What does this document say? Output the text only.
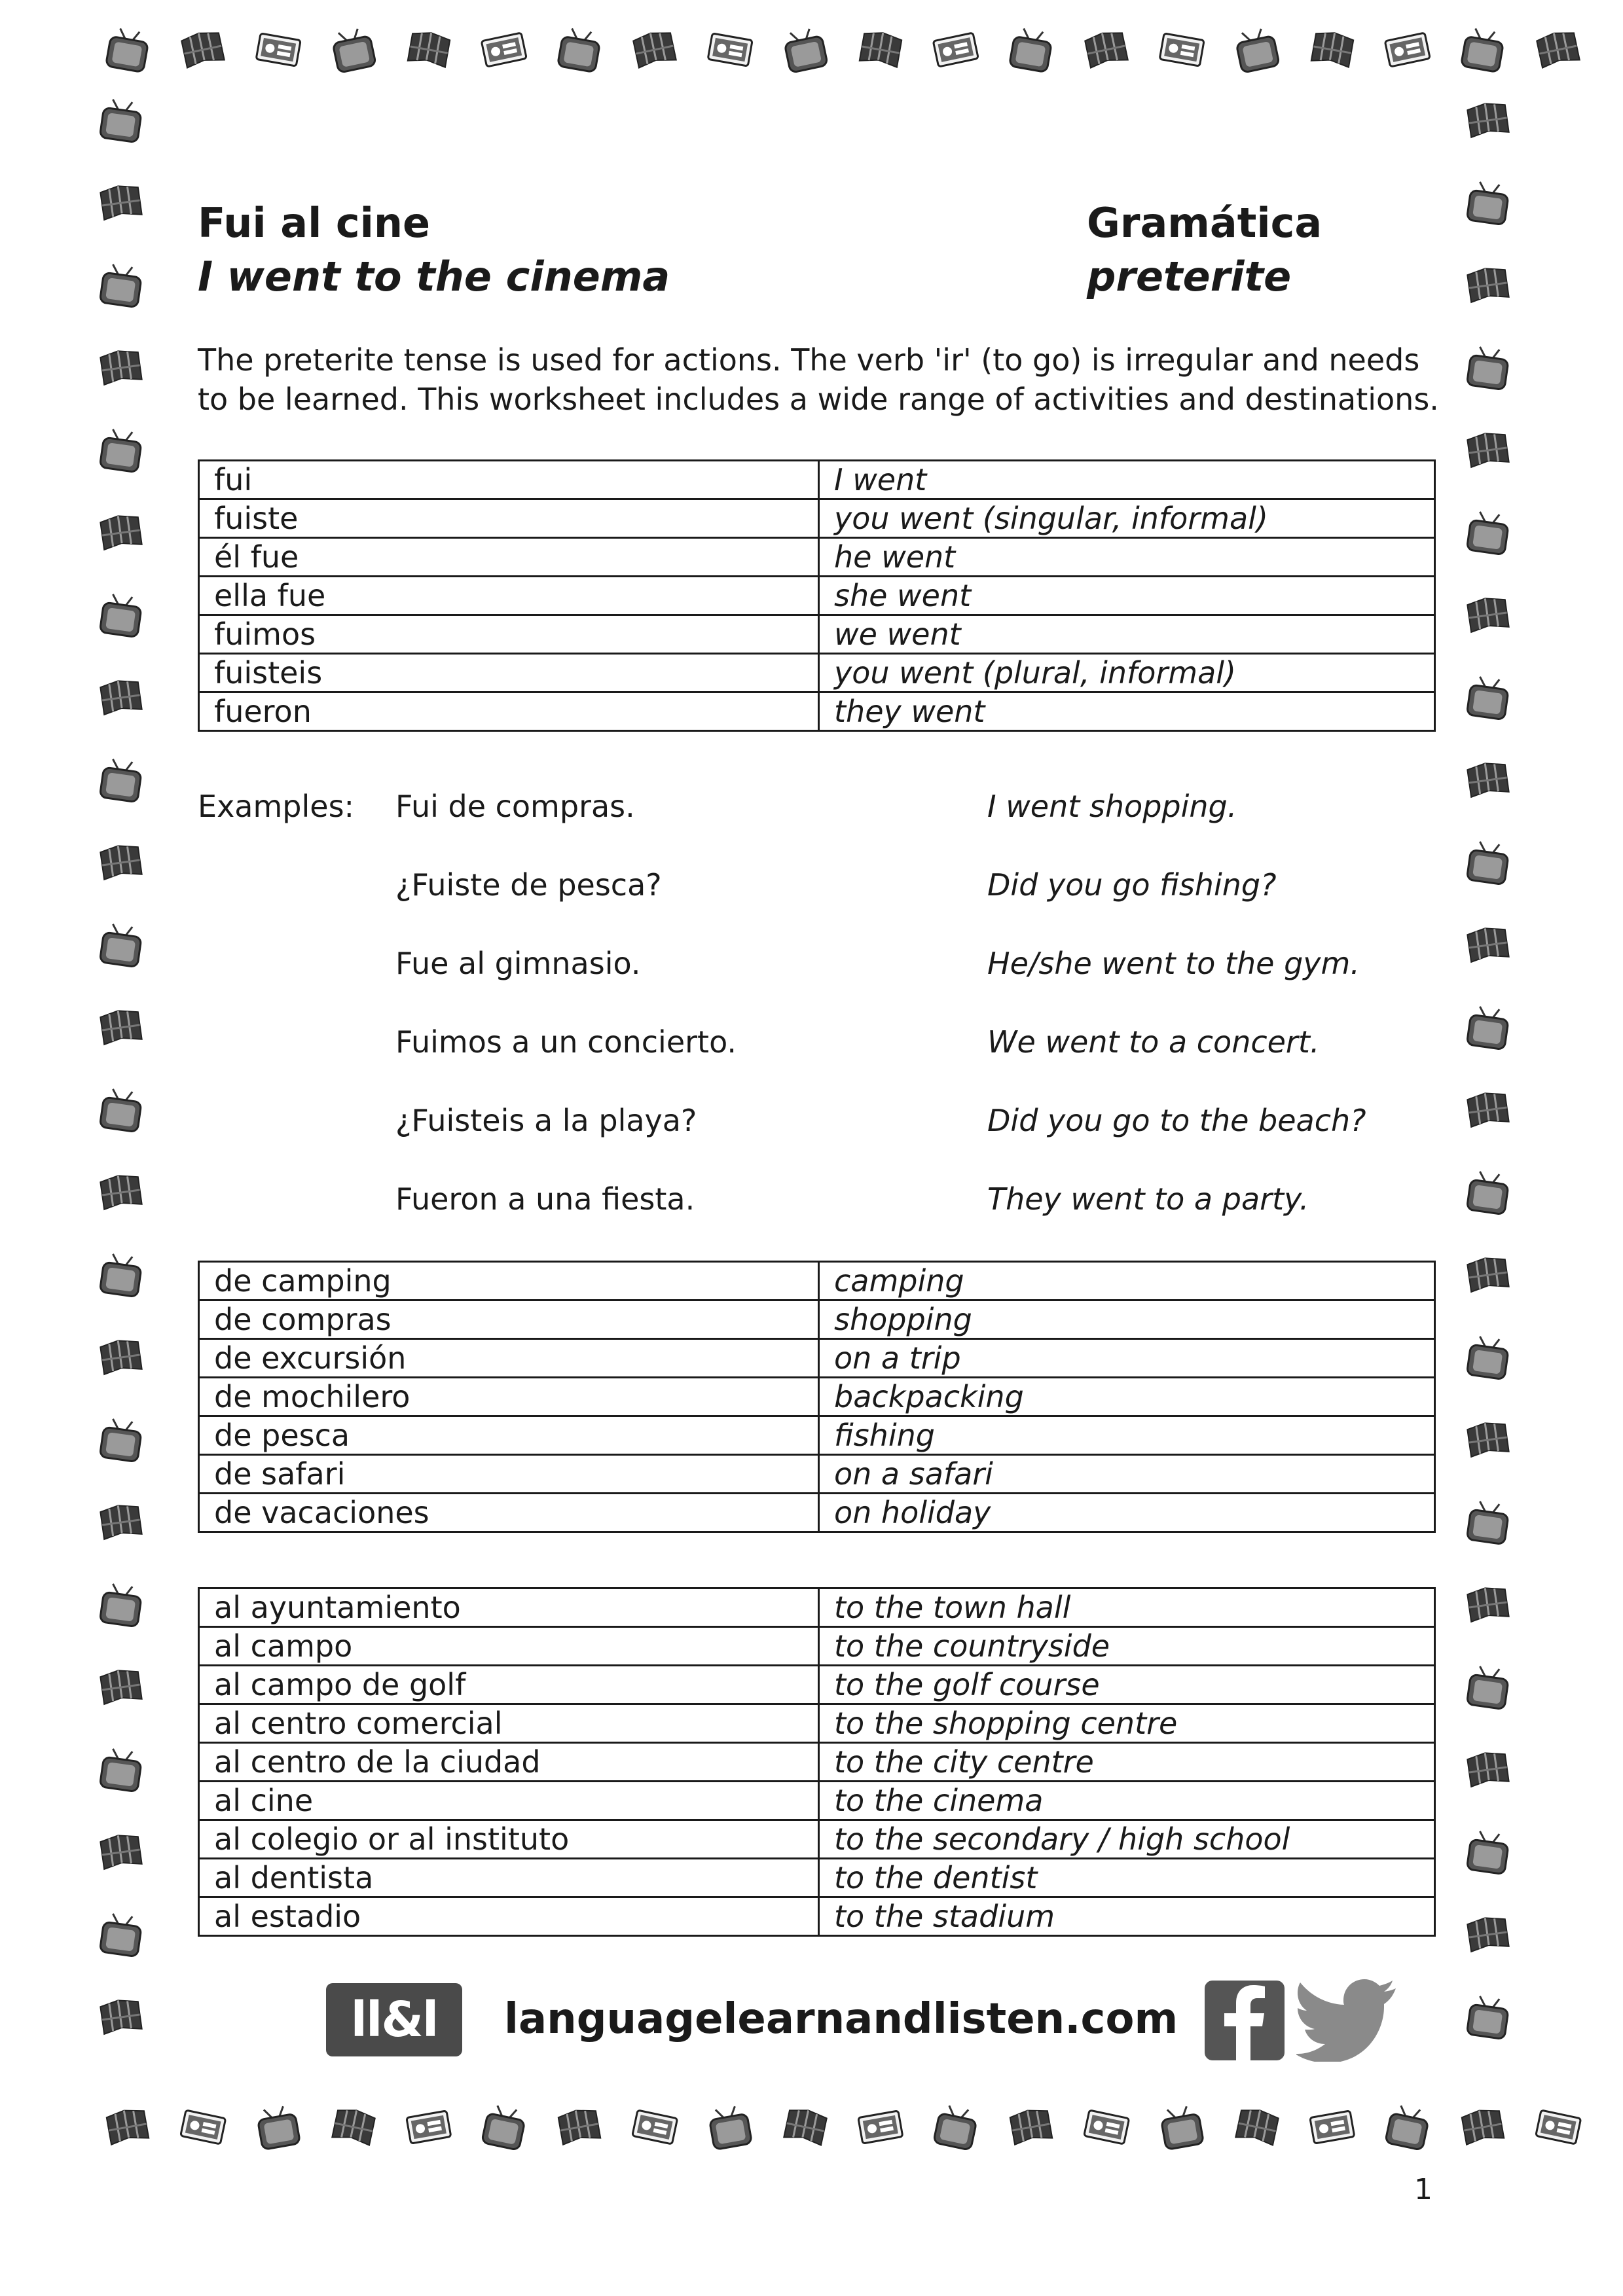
Fui al cine
I went to the cinema
Gramática
preterite
The preterite tense is used for actions. The verb 'ir' (to go) is irregular and needs to be learned. This worksheet includes a wide range of activities and destinations.
fui	I went
fuiste	you went (singular, informal)
él fue	he went
ella fue	she went
fuimos	we went
fuisteis	you went (plural, informal)
fueron	they went
Examples: Fui de compras.	I went shopping.
¿Fuiste de pesca?	Did you go fishing?
Fue al gimnasio.	He/she went to the gym.
Fuimos a un concierto.	We went to a concert.
¿Fuisteis a la playa?	Did you go to the beach?
Fueron a una fiesta.	They went to a party.
de camping	camping
de compras	shopping
de excursión	on a trip
de mochilero	backpacking
de pesca	fishing
de safari	on a safari
de vacaciones	on holiday
al ayuntamiento	to the town hall
al campo	to the countryside
al campo de golf	to the golf course
al centro comercial	to the shopping centre
al centro de la ciudad	to the city centre
al cine	to the cinema
al colegio or al instituto	to the secondary / high school
al dentista	to the dentist
al estadio	to the stadium
ll&l	languagelearnandlisten.com
1
